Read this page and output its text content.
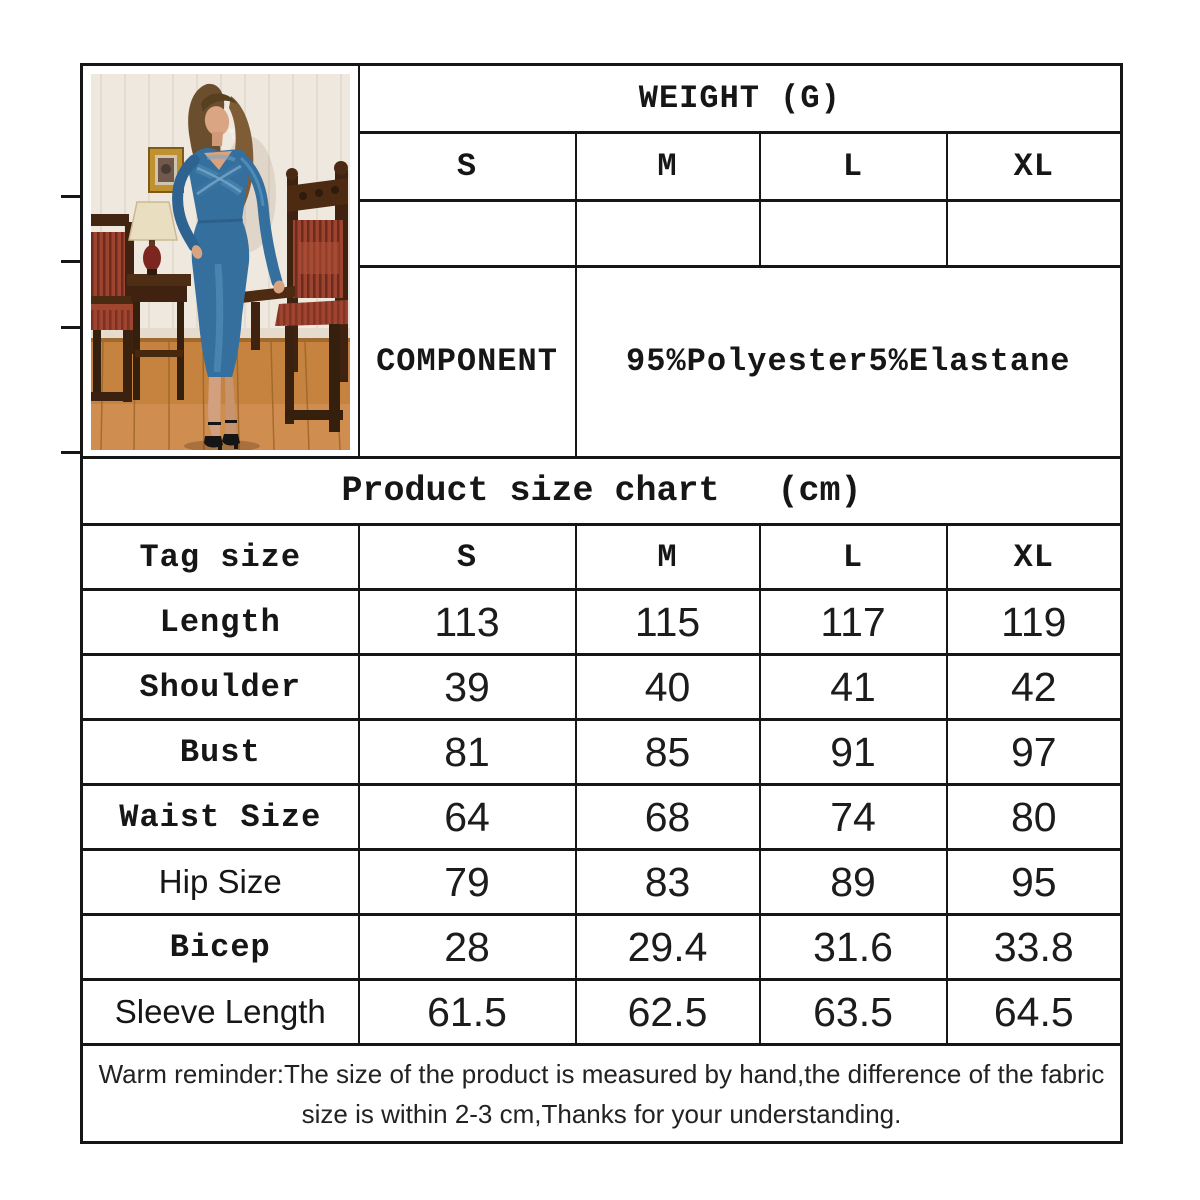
	WEIGHT (G)			
	S	M	L	XL

	COMPONENT	95%Polyester5%Elastane		
Product size chart (cm)				
Tag size	S	M	L	XL
Length	113	115	117	119
Shoulder	39	40	41	42
Bust	81	85	91	97
Waist Size	64	68	74	80
Hip Size	79	83	89	95
Bicep	28	29.4	31.6	33.8
Sleeve Length	61.5	62.5	63.5	64.5

Warm reminder:The size of the product is measured by hand,the difference of the fabric
size is within 2-3 cm,Thanks for your understanding.				
